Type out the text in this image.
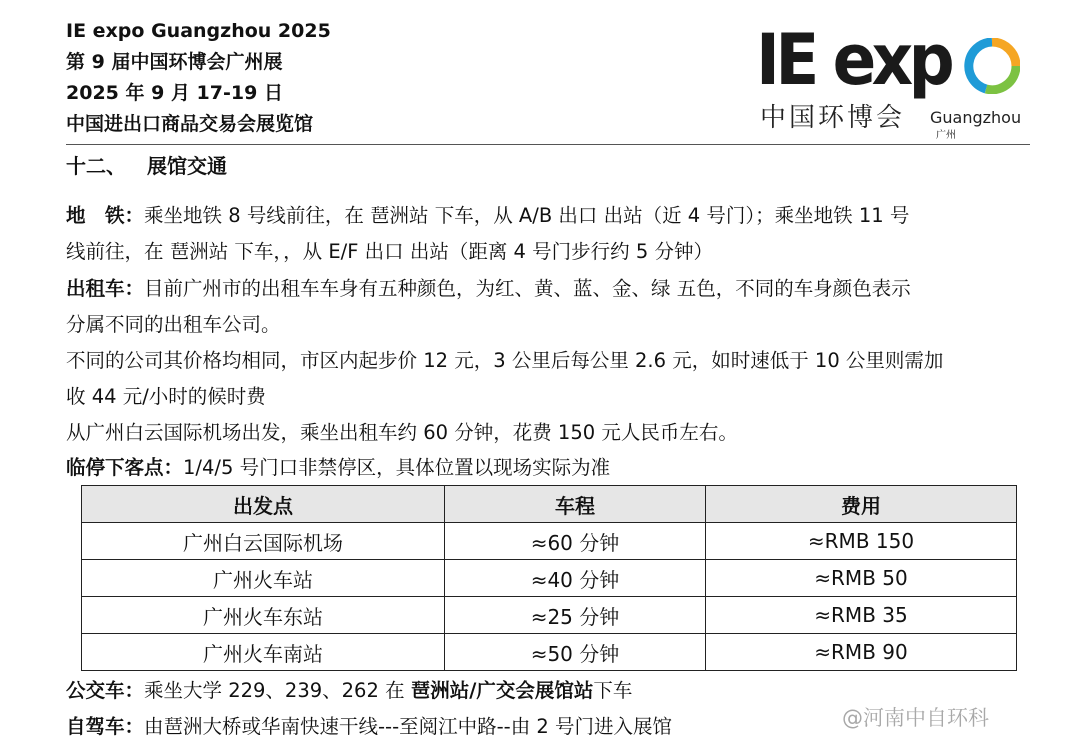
IE expo Guangzhou 2025
第 9 届中国环博会广州展
2025 年 9 月 17-19 日
中国进出口商品交易会展览馆
IE exp
中国环博会 Guangzhou
广州
十二、 展馆交通
地　铁：乘坐地铁 8 号线前往，在 琶洲站 下车，从 A/B 出口 出站（近 4 号门）；乘坐地铁 11 号
线前往，在 琶洲站 下车，，从 E/F 出口 出站（距离 4 号门步行约 5 分钟）
出租车：目前广州市的出租车车身有五种颜色，为红、黄、蓝、金、绿 五色，不同的车身颜色表示
分属不同的出租车公司。
不同的公司其价格均相同，市区内起步价 12 元，3 公里后每公里 2.6 元，如时速低于 10 公里则需加
收 44 元/小时的候时费
从广州白云国际机场出发，乘坐出租车约 60 分钟，花费 150 元人民币左右。
临停下客点：1/4/5 号门口非禁停区，具体位置以现场实际为准
出发点	车程	费用
广州白云国际机场	≈60 分钟	≈RMB 150
广州火车站	≈40 分钟	≈RMB 50
广州火车东站	≈25 分钟	≈RMB 35
广州火车南站	≈50 分钟	≈RMB 90
公交车：乘坐大学 229、239、262 在 琶洲站/广交会展馆站下车
自驾车：由琶洲大桥或华南快速干线---至阅江中路--由 2 号门进入展馆	@河南中自环科
